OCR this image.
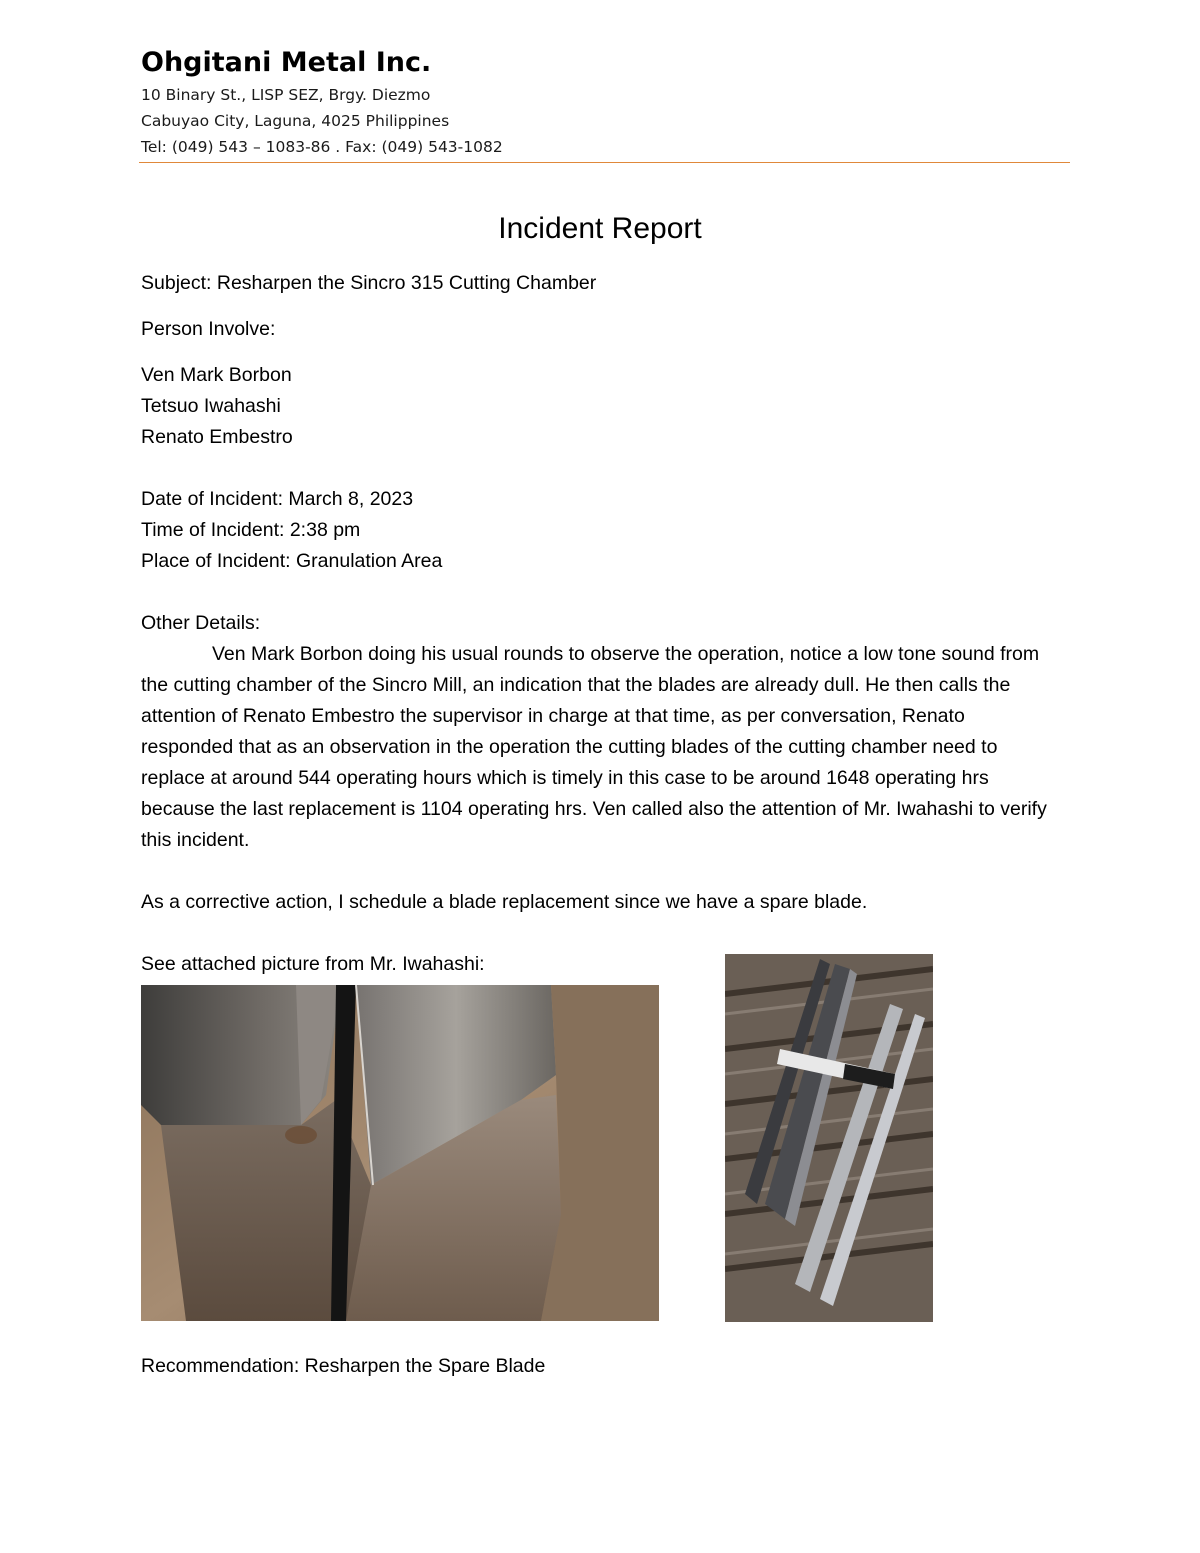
Ohgitani Metal Inc.

10 Binary St., LISP SEZ, Brgy. Diezmo

Cabuyao City, Laguna, 4025 Philippines

Tel: (049) 543 – 1083-86 . Fax: (049) 543-1082

Incident Report

Subject: Resharpen the Sincro 315 Cutting Chamber

Person Involve:

Ven Mark Borbon

Tetsuo Iwahashi

Renato Embestro

Date of Incident: March 8, 2023

Time of Incident: 2:38 pm

Place of Incident: Granulation Area

Other Details:

Ven Mark Borbon doing his usual rounds to observe the operation, notice a low tone sound from the cutting chamber of the Sincro Mill, an indication that the blades are already dull. He then calls the attention of Renato Embestro the supervisor in charge at that time, as per conversation, Renato responded that as an observation in the operation the cutting blades of the cutting chamber need to replace at around 544 operating hours which is timely in this case to be around 1648 operating hrs because the last replacement is 1104 operating hrs. Ven called also the attention of Mr. Iwahashi to verify this incident.

As a corrective action, I schedule a blade replacement since we have a spare blade.

See attached picture from Mr. Iwahashi:

Recommendation: Resharpen the Spare Blade
